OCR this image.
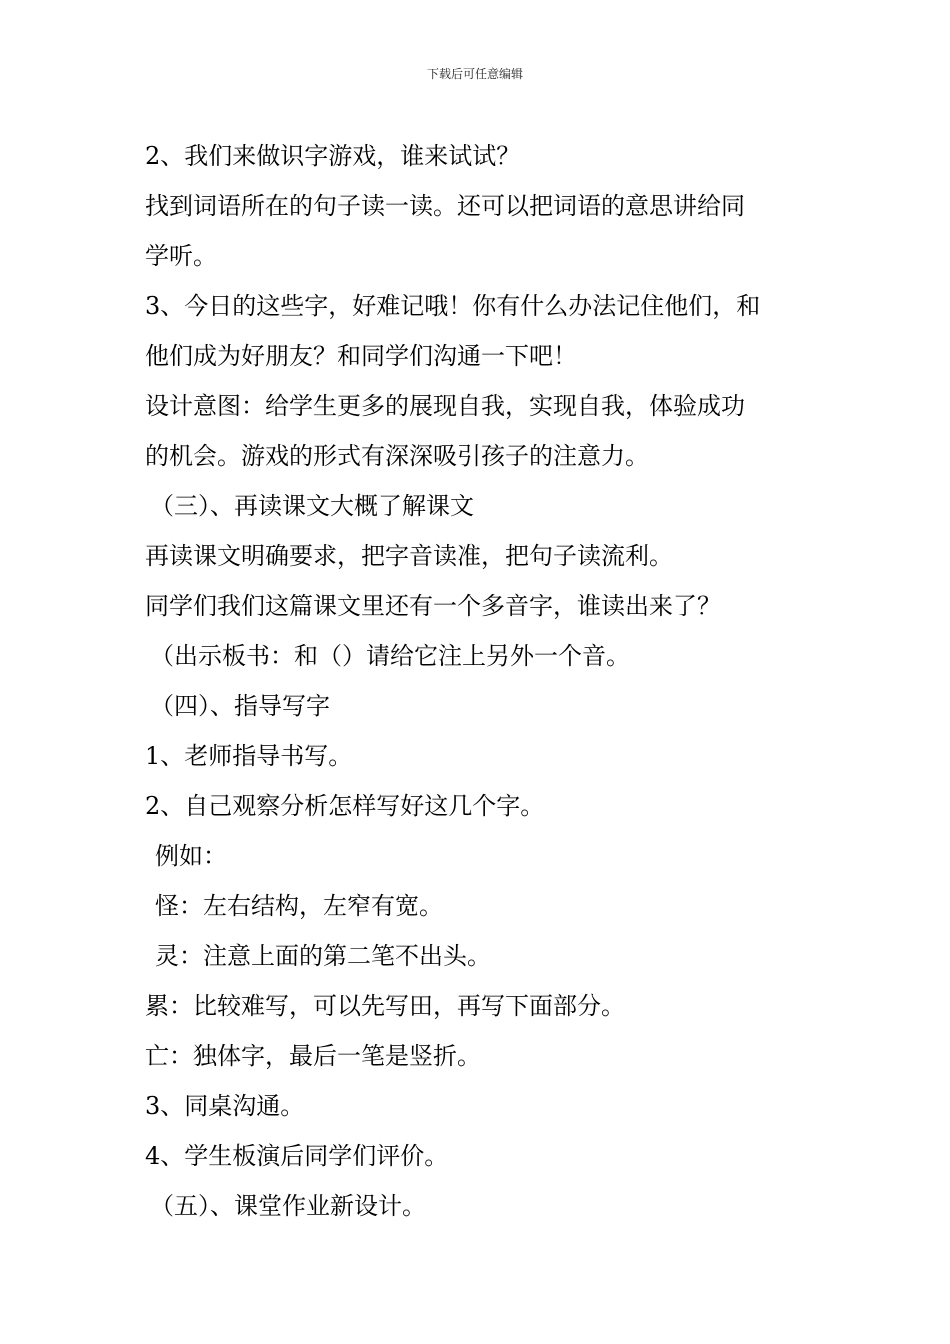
下载后可任意编辑
2、我们来做识字游戏，谁来试试？
找到词语所在的句子读一读。还可以把词语的意思讲给同
学听。
3、今日的这些字，好难记哦！你有什么办法记住他们，和
他们成为好朋友？和同学们沟通一下吧！
设计意图：给学生更多的展现自我，实现自我，体验成功
的机会。游戏的形式有深深吸引孩子的注意力。
（三）、再读课文大概了解课文
再读课文明确要求，把字音读准，把句子读流利。
同学们我们这篇课文里还有一个多音字，谁读出来了？
（出示板书：和（）请给它注上另外一个音。
（四）、指导写字
1、老师指导书写。
2、自己观察分析怎样写好这几个字。
例如：
怪：左右结构，左窄有宽。
灵：注意上面的第二笔不出头。
累：比较难写，可以先写田，再写下面部分。
亡：独体字，最后一笔是竖折。
3、同桌沟通。
4、学生板演后同学们评价。
（五）、课堂作业新设计。
